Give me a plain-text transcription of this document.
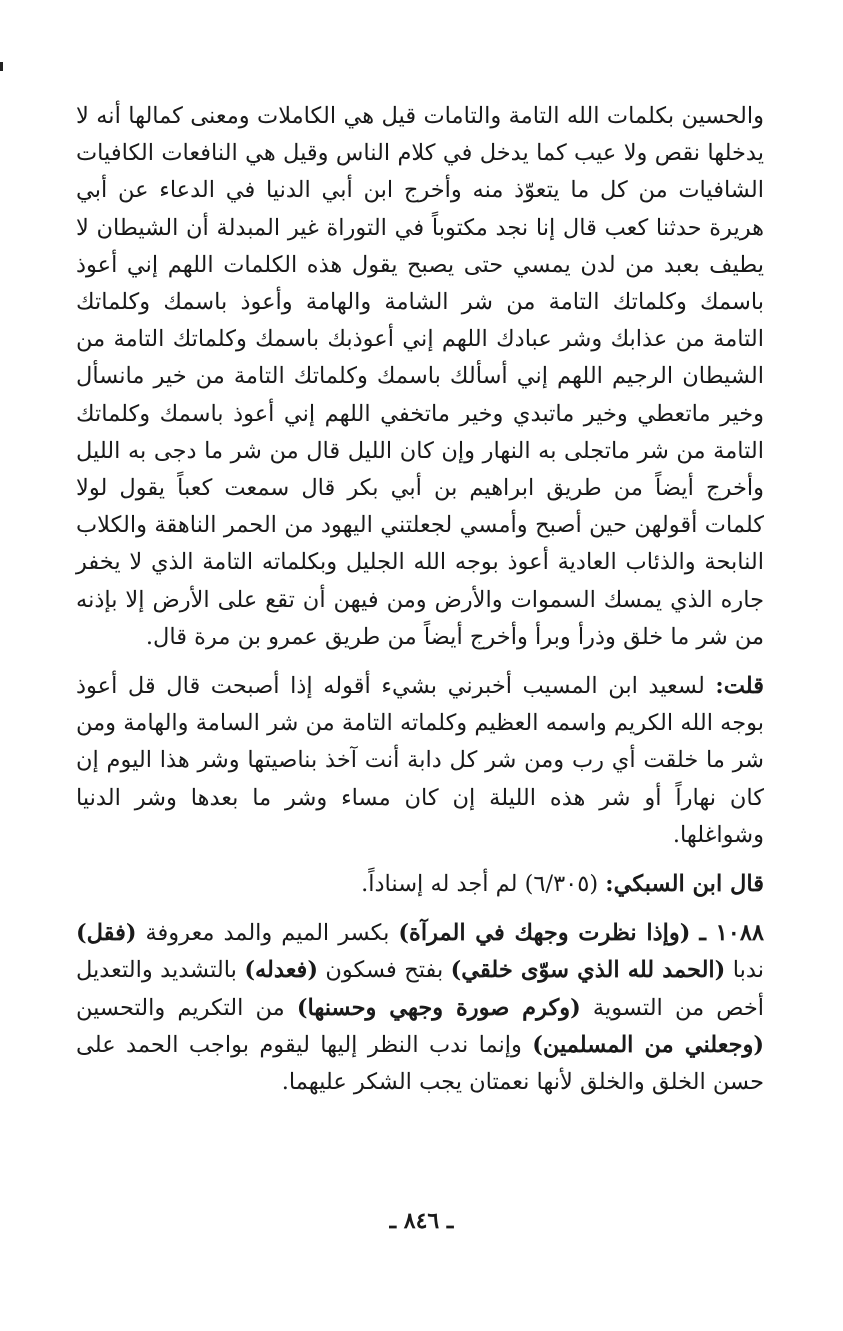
والحسين بكلمات الله التامة والتامات قيل هي الكاملات ومعنى كمالها أنه لا يدخلها نقص ولا عيب كما يدخل في كلام الناس وقيل هي النافعات الكافيات الشافيات من كل ما يتعوّذ منه وأخرج ابن أبي الدنيا في الدعاء عن أبي هريرة حدثنا كعب قال إنا نجد مكتوباً في التوراة غير المبدلة أن الشيطان لا يطيف بعبد من لدن يمسي حتى يصبح يقول هذه الكلمات اللهم إني أعوذ باسمك وكلماتك التامة من شر الشامة والهامة وأعوذ باسمك وكلماتك التامة من عذابك وشر عبادك اللهم إني أعوذبك باسمك وكلماتك التامة من الشيطان الرجيم اللهم إني أسألك باسمك وكلماتك التامة من خير مانسأل وخير ماتعطي وخير ماتبدي وخير ماتخفي اللهم إني أعوذ باسمك وكلماتك التامة من شر ماتجلى به النهار وإن كان الليل قال من شر ما دجى به الليل وأخرج أيضاً من طريق ابراهيم بن أبي بكر قال سمعت كعباً يقول لولا كلمات أقولهن حين أصبح وأمسي لجعلتني اليهود من الحمر الناهقة والكلاب النابحة والذئاب العادية أعوذ بوجه الله الجليل وبكلماته التامة الذي لا يخفر جاره الذي يمسك السموات والأرض ومن فيهن أن تقع على الأرض إلا بإذنه من شر ما خلق وذرأ وبرأ وأخرج أيضاً من طريق عمرو بن مرة قال.

قلت: لسعيد ابن المسيب أخبرني بشيء أقوله إذا أصبحت قال قل أعوذ بوجه الله الكريم واسمه العظيم وكلماته التامة من شر السامة والهامة ومن شر ما خلقت أي رب ومن شر كل دابة أنت آخذ بناصيتها وشر هذا اليوم إن كان نهاراً أو شر هذه الليلة إن كان مساء وشر ما بعدها وشر الدنيا وشواغلها.

قال ابن السبكي: (٦/٣٠٥) لم أجد له إسناداً.

١٠٨٨ ـ (وإذا نظرت وجهك في المرآة) بكسر الميم والمد معروفة (فقل) ندبا (الحمد لله الذي سوّى خلقي) بفتح فسكون (فعدله) بالتشديد والتعديل أخص من التسوية (وكرم صورة وجهي وحسنها) من التكريم والتحسين (وجعلني من المسلمين) وإنما ندب النظر إليها ليقوم بواجب الحمد على حسن الخلق والخلق لأنها نعمتان يجب الشكر عليهما.

ـ ٨٤٦ ـ
